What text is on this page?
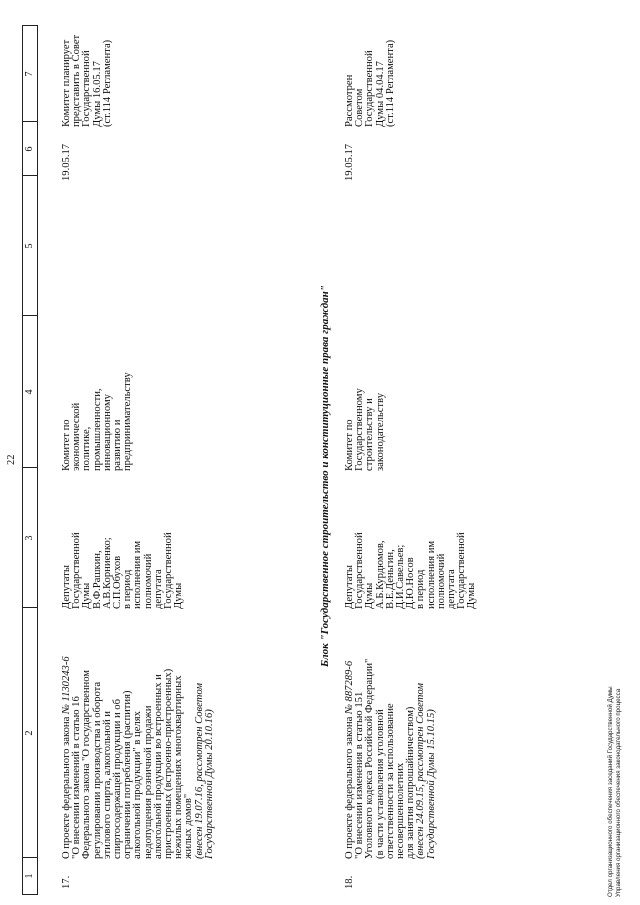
22
1
2
3
4
5
6
7
17.
О проекте федерального закона № 1130243-6
"О внесении изменений в статью 16 Федерального закона "О государственном регулировании производства и оборота этилового спирта, алкогольной и спиртосодержащей продукции и об ограничении потребления (распития) алкогольной продукции" в целях недопущения розничной продажи алкогольной продукции во встроенных и пристроенных (встроенно-пристроенных) нежилых помещениях многоквартирных жилых домов" (внесен 19.07.16, рассмотрен Советом Государственной Думы 20.10.16)
Депутаты Государственной Думы В.Ф.Рашкин, А.В.Корниенко; С.П.Обухов в период исполнения им полномочий депутата Государственной Думы
Комитет по экономической политике, промышленности, инновационному развитию и предпринимательству
19.05.17
Комитет планирует представить в Совет Государственной Думы 16.05.17 (ст.114 Регламента)
Блок "Государственное строительство и конституционные права граждан"
18.
О проекте федерального закона № 887289-6
"О внесении изменения в статью 151 Уголовного кодекса Российской Федерации" (в части установления уголовной ответственности за использование несовершеннолетних для занятия попрошайничеством) (внесен 24.09.15, рассмотрен Советом Государственной Думы 15.10.15)
Депутаты Государственной Думы А.Б.Курдюмов, В.Е.Деньгин, Д.И.Савельев; Д.Ю.Носов в период исполнения им полномочий депутата Государственной Думы
Комитет по Государственному строительству и законодательству
19.05.17
Рассмотрен Советом Государственной Думы 04.04.17 (ст.114 Регламента)
Отдел организационного обеспечения заседаний Государственной Думы Управления организационного обеспечения законодательного процесса
